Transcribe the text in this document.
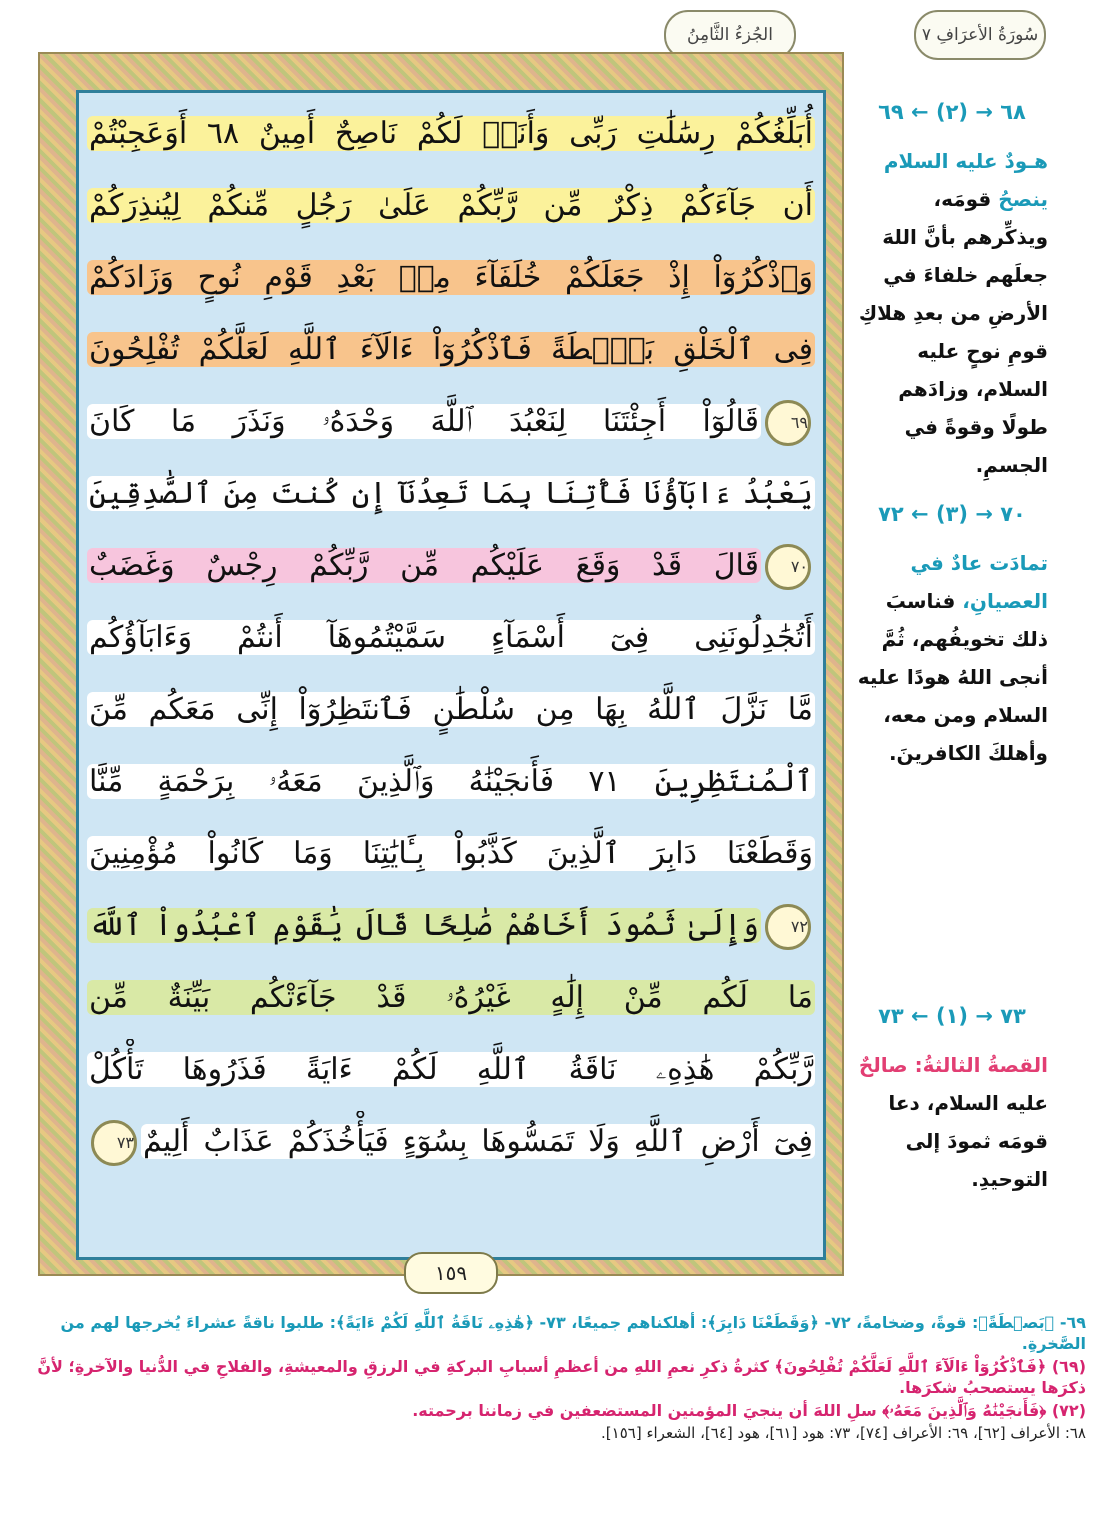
الجُزءُ الثَّامِنُ	سُورَةُ الأعرَافِ ٧
أُبَلِّغُكُمْ رِسَٰلَٰتِ رَبِّى وَأَنَا۠ لَكُمْ نَاصِحٌ أَمِينٌ ٦٨ أَوَعَجِبْتُمْ
أَن جَآءَكُمْ ذِكْرٌ مِّن رَّبِّكُمْ عَلَىٰ رَجُلٍ مِّنكُمْ لِيُنذِرَكُمْ
وَٱذْكُرُوٓاْ إِذْ جَعَلَكُمْ خُلَفَآءَ مِنۢ بَعْدِ قَوْمِ نُوحٍ وَزَادَكُمْ
فِى ٱلْخَلْقِ بَصْۜطَةً فَٱذْكُرُوٓاْ ءَالَآءَ ٱللَّهِ لَعَلَّكُمْ تُفْلِحُونَ
٦٩قَالُوٓاْ أَجِئْتَنَا لِنَعْبُدَ ٱللَّهَ وَحْدَهُۥ وَنَذَرَ مَا كَانَ
يَعْبُدُ ءَابَآؤُنَا فَأْتِنَا بِمَا تَعِدُنَآ إِن كُنتَ مِنَ ٱلصَّٰدِقِينَ
٧٠قَالَ قَدْ وَقَعَ عَلَيْكُم مِّن رَّبِّكُمْ رِجْسٌ وَغَضَبٌ
أَتُجَٰدِلُونَنِى فِىٓ أَسْمَآءٍ سَمَّيْتُمُوهَآ أَنتُمْ وَءَابَآؤُكُم
مَّا نَزَّلَ ٱللَّهُ بِهَا مِن سُلْطَٰنٍ فَٱنتَظِرُوٓاْ إِنِّى مَعَكُم مِّنَ
ٱلْمُنتَظِرِينَ ٧١ فَأَنجَيْنَٰهُ وَٱلَّذِينَ مَعَهُۥ بِرَحْمَةٍ مِّنَّا
وَقَطَعْنَا دَابِرَ ٱلَّذِينَ كَذَّبُواْ بِـَٔايَٰتِنَا وَمَا كَانُواْ مُؤْمِنِينَ
٧٢وَإِلَىٰ ثَمُودَ أَخَاهُمْ صَٰلِحًا قَالَ يَٰقَوْمِ ٱعْبُدُواْ ٱللَّهَ
مَا لَكُم مِّنْ إِلَٰهٍ غَيْرُهُۥ قَدْ جَآءَتْكُم بَيِّنَةٌ مِّن
رَّبِّكُمْ هَٰذِهِۦ نَاقَةُ ٱللَّهِ لَكُمْ ءَايَةً فَذَرُوهَا تَأْكُلْ
فِىٓ أَرْضِ ٱللَّهِ وَلَا تَمَسُّوهَا بِسُوٓءٍ فَيَأْخُذَكُمْ عَذَابٌ أَلِيمٌ٧٣
١٥٩
٦٨ → (٢) ← ٦٩
هـودٌ عليه السلام ينصحُ قومَه، ويذكِّرهم بأنَّ اللهَ جعلَهم خلفاءَ في الأرضِ من بعدِ هلاكِ قومِ نوحٍ عليه السلام، وزادَهم طولًا وقوةً في الجسمِ.
٧٠ → (٣) ← ٧٢
تمادَت عادٌ في العصيانِ، فناسبَ ذلك تخويفُهم، ثُمَّ أنجى اللهُ هودًا عليه السلام ومن معه، وأهلكَ الكافرينَ.
٧٣ → (١) ← ٧٣
القصةُ الثالثةُ: صالحٌ عليه السلام، دعا قومَه ثمودَ إلى التوحيدِ.
٦٩- ﴿بَصۜطَةً﴾: قوةً، وضخامةً، ٧٢- ﴿وَقَطَعْنَا دَابِرَ﴾: أهلكناهم جميعًا، ٧٣- ﴿هَٰذِهِۦ نَاقَةُ ٱللَّهِ لَكُمْ ءَايَةً﴾: طلبوا ناقةً عشراءَ يُخرجها لهم من الصَّخرةِ.
(٦٩) ﴿فَٱذْكُرُوٓاْ ءَالَآءَ ٱللَّهِ لَعَلَّكُمْ تُفْلِحُونَ﴾ كثرةُ ذكرِ نعمِ اللهِ من أعظمِ أسبابِ البركةِ في الرزقِ والمعيشةِ، والفلاحِ في الدُّنيا والآخرةِ؛ لأنَّ ذكرَها يستصحبُ شكرَها.
(٧٢) ﴿فَأَنجَيْنَٰهُ وَٱلَّذِينَ مَعَهُۥ﴾ سلِ اللهَ أن ينجيَ المؤمنين المستضعفين في زماننا برحمته.
٦٨: الأعراف [٦٢]، ٦٩: الأعراف [٧٤]، ٧٣: هود [٦١]، هود [٦٤]، الشعراء [١٥٦].
